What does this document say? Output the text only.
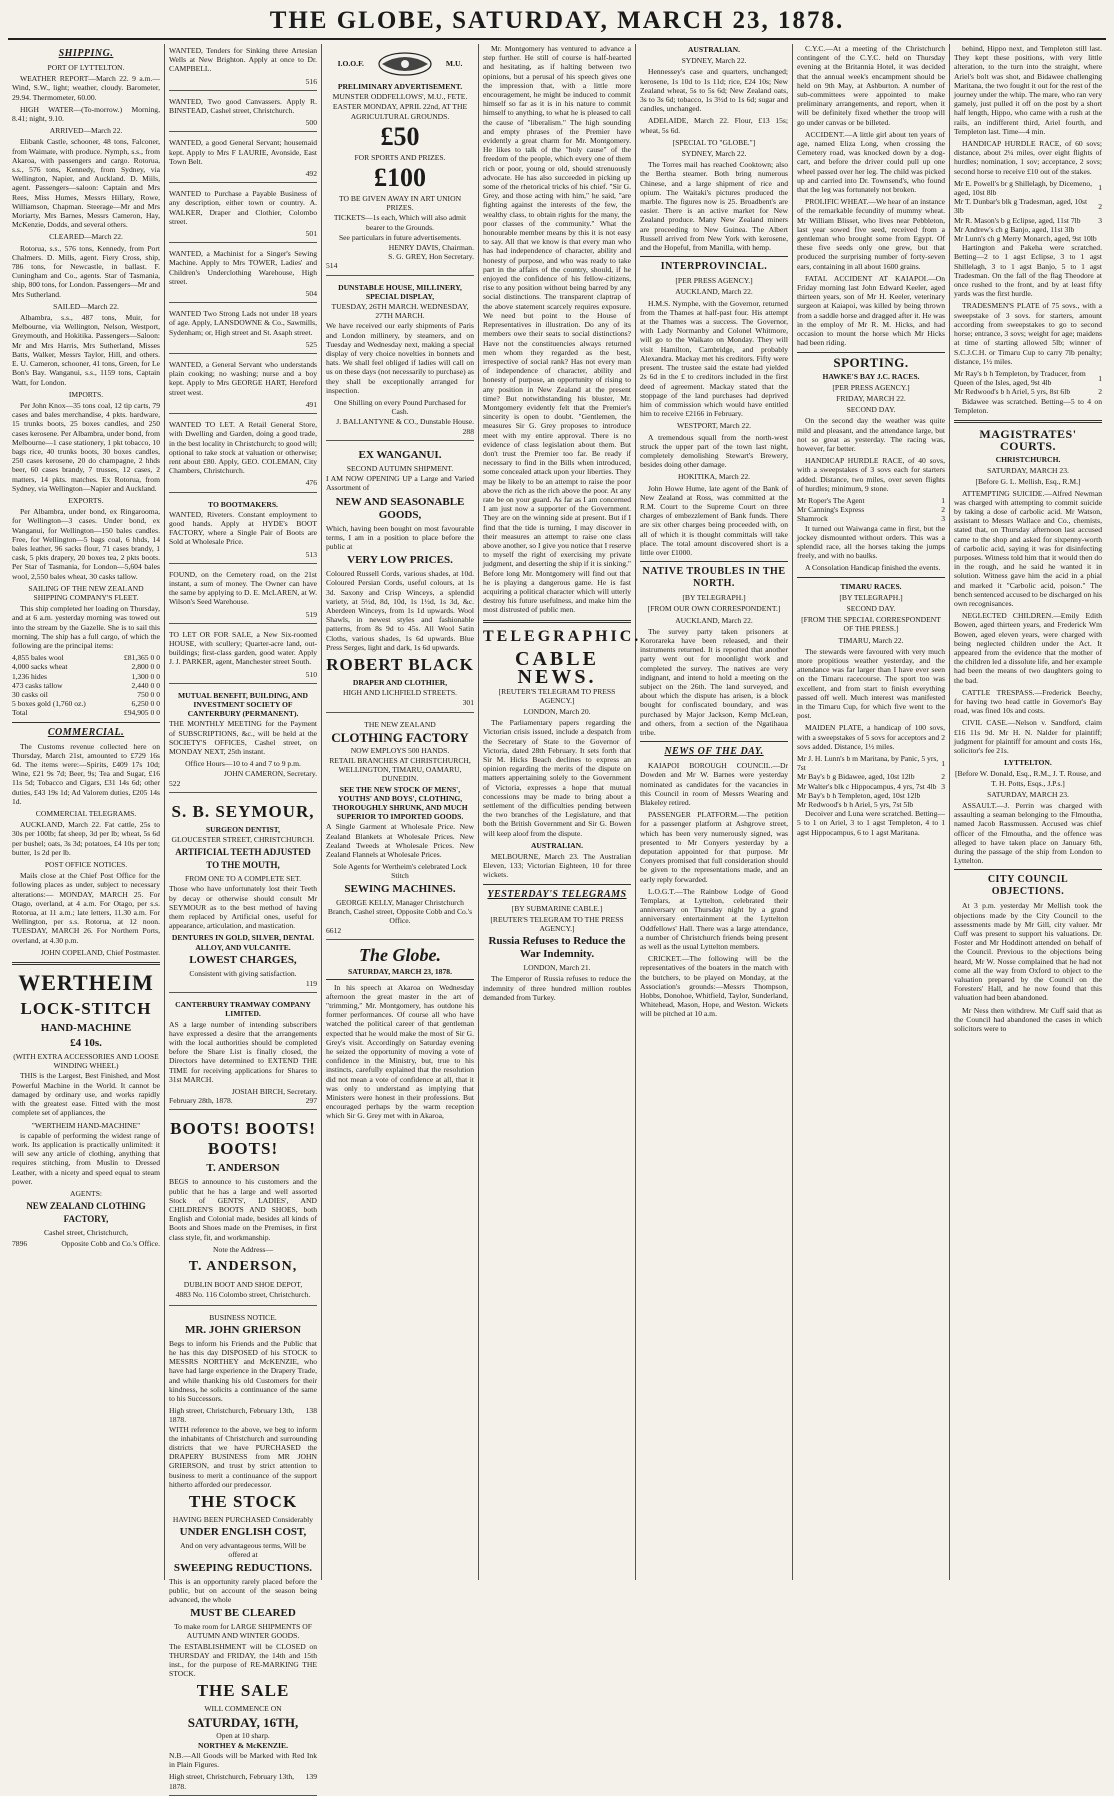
THE GLOBE, SATURDAY, MARCH 23, 1878.
SHIPPING.
PORT OF LYTTELTON.

WEATHER REPORT—March 22. 9 a.m.—Wind, S.W., light; weather, cloudy. Barometer, 29.94. Thermometer, 60.00.

HIGH WATER—(To-morrow.) Morning, 8.41; night, 9.10.

ARRIVED—March 22.

Elibank Castle, schooner, 48 tons, Falconer, from Waimate, with produce. Nymph, s.s., from Akaroa, with passengers and cargo. Rotorua, s.s., 576 tons, Kennedy, from Sydney, via Wellington, Napier, and Auckland. D. Miils, agent. Passengers—saloon: Captain and Mrs Rees, Miss Humes, Messrs Hillary, Rowe, Williamson, Chapman. Steerage—Mr and Mrs Moriarty, Mrs Barnes, Messrs Cameron, Hay, McKenzie, Dodds, and several others.

CLEARED—March 22.

Rotorua, s.s., 576 tons, Kennedy, from Port Chalmers. D. Mills, agent. Fiery Cross, ship, 786 tons, for Newcastle, in ballast. F. Cuningham and Co., agents. Star of Tasmania, ship, 800 tons, for London. Passengers—Mr and Mrs Sutherland.

SAILED—March 22.

Albambra, s.s., 487 tons, Muir, for Melbourne, via Wellington, Nelson, Westport, Greymouth, and Hokitika. Passengers—Saloon: Mr and Mrs Harris, Mrs Sutherland, Misses Batts, Walker, Messrs Taylor, Hill, and others. E. U. Cameron, schooner, 41 tons, Green, for Le Bon's Bay. Wanganui, s.s., 1159 tons, Captain Watt, for London.

IMPORTS.

Per John Knox—35 tons coal, 12 tip carts, 79 cases and bales merchandise, 4 pkts. hardware, 15 trunks boots, 25 boxes candles, and 250 cases kerosene. Per Albambra, under bond, from Melbourne—1 case stationery, 1 pkt tobacco, 10 bags rice, 40 trunks boots, 30 boxes candles, 250 cases kerosene, 20 do champagne, 2 hhds beer, 60 cases brandy, 7 trusses, 12 cases, 2 matters, 14 pkts. matches. Ex Rotorua, from Sydney, via Wellington—Napier and Auckland.

EXPORTS.

Per Albambra, under bond, ex Ringarooma, for Wellington—3 cases. Under bond, ex Wanganui, for Wellington—150 bales candles. Free, for Wellington—5 bags coal, 6 hhds, 14 bales leather, 96 sacks flour, 71 cases brandy, 1 cask, 5 pkts drapery, 20 boxes tea, 2 pkts boots. Per Star of Tasmania, for London—5,604 bales wool, 2,550 bales wheat, 30 casks tallow.

SAILING OF THE NEW ZEALAND SHIPPING COMPANY'S FLEET.

This ship completed her loading on Thursday, and at 6 a.m. yesterday morning was towed out into the stream by the Gazelle. She is to sail this morning. The ship has a full cargo, of which the following are the principal items:

4,855 bales wool	£81,365 0 0
4,000 sacks wheat	2,800 0 0
1,236 hides	1,300 0 0
473 casks tallow	2,440 0 0
30 casks oil	750 0 0
5 boxes gold (1,760 oz.)	6,250 0 0
Total	£94,905 0 0
COMMERCIAL.

The Customs revenue collected here on Thursday, March 21st, amounted to £729 16s 6d. The items were:—Spirits, £409 17s 10d; Wine, £21 9s 7d; Beer, 9s; Tea and Sugar, £16 11s 5d; Tobacco and Cigars, £31 14s 6d; other duties, £43 19s 1d; Ad Valorem duties, £205 14s 1d.

COMMERCIAL TELEGRAMS.

AUCKLAND, March 22. Fat cattle, 25s to 30s per 100lb; fat sheep, 3d per lb; wheat, 5s 6d per bushel; oats, 3s 3d; potatoes, £4 10s per ton; butter, 1s 2d per lb.

POST OFFICE NOTICES.

Mails close at the Chief Post Office for the following places as under, subject to necessary alterations:— MONDAY, MARCH 25. For Otago, overland, at 4 a.m. For Otago, per s.s. Rotorua, at 11 a.m.; late letters, 11.30 a.m. For Wellington, per s.s. Rotorua, at 12 noon. TUESDAY, MARCH 26. For Northern Ports, overland, at 4.30 p.m.

JOHN COPELAND, Chief Postmaster.

WERTHEIM
LOCK-STITCH
HAND-MACHINE
£4 10s.
(WITH EXTRA ACCESSORIES AND LOOSE WINDING WHEEL)

THIS is the Largest, Best Finished, and Most Powerful Machine in the World. It cannot be damaged by ordinary use, and works rapidly with the greatest ease. Fitted with the most complete set of appliances, the

"WERTHEIM HAND-MACHINE"

is capable of performing the widest range of work. Its application is practically unlimited: it will sew any article of clothing, anything that requires stitching, from Muslin to Dressed Leather, with a nicety and speed equal to steam power.

AGENTS:
NEW ZEALAND CLOTHING FACTORY,
Cashel street, Christchurch,
7896	Opposite Cobb and Co.'s Office.

WANTED, Tenders for Sinking three Artesian Wells at New Brighton. Apply at once to Dr. CAMPBELL.

516

WANTED, Two good Canvassers. Apply R. BINSTEAD, Cashel street, Christchurch.

500

WANTED, a good General Servant; housemaid kept. Apply to Mrs F LAURIE, Avonside, East Town Belt.

492

WANTED to Purchase a Payable Business of any description, either town or country. A. WALKER, Draper and Clothier, Colombo street.

501

WANTED, a Machinist for a Singer's Sewing Machine. Apply to Mrs TOWER, Ladies' and Children's Underclothing Warehouse, High street.

504

WANTED Two Strong Lads not under 18 years of age. Apply, LANSDOWNE & Co., Sawmills, Sydenham; or, High street and St. Asaph street.

525

WANTED, a General Servant who understands plain cooking; no washing; nurse and a boy kept. Apply to Mrs GEORGE HART, Hereford street west.

491

WANTED TO LET. A Retail General Store, with Dwelling and Garden, doing a good trade, in the best locality in Christchurch; to good will; optional to take stock at valuation or otherwise; rent about £80. Apply, GEO. COLEMAN, City Chambers, Christchurch.

476
TO BOOTMAKERS.

WANTED, Riveters. Constant employment to good hands. Apply at HYDE's BOOT FACTORY, where a Single Pair of Boots are Sold at Wholesale Price.

513

FOUND, on the Cemetery road, on the 21st instant, a sum of money. The Owner can have the same by applying to D. E. McLAREN, at W. Wilson's Seed Warehouse.

519

TO LET OR FOR SALE, a New Six-roomed HOUSE, with scullery; Quarter-acre land, out-buildings; first-class garden, good water. Apply J. J. PARKER, agent, Manchester street South.

510
MUTUAL BENEFIT, BUILDING, AND INVESTMENT SOCIETY OF CANTERBURY (PERMANENT).

THE MONTHLY MEETING for the Payment of SUBSCRIPTIONS, &c., will be held at the SOCIETY'S OFFICES, Cashel street, on MONDAY NEXT, 25th instant.

Office Hours—10 to 4 and 7 to 9 p.m.
JOHN CAMERON, Secretary.
522
S. B. SEYMOUR,
SURGEON DENTIST,
GLOUCESTER STREET, CHRISTCHURCH.
ARTIFICIAL TEETH ADJUSTED TO THE MOUTH,
FROM ONE TO A COMPLETE SET.

Those who have unfortunately lost their Teeth by decay or otherwise should consult Mr SEYMOUR as to the best method of having them replaced by Artificial ones, useful for appearance, articulation, and mastication.

DENTURES IN GOLD, SILVER, DENTAL ALLOY, AND VULCANITE.
LOWEST CHARGES,
Consistent with giving satisfaction.
119
CANTERBURY TRAMWAY COMPANY LIMITED.

AS a large number of intending subscribers have expressed a desire that the arrangements with the local authorities should be completed before the Share List is finally closed, the Directors have determined to EXTEND THE TIME for receiving applications for Shares to 31st MARCH.

JOSIAH BIRCH, Secretary.
February 28th, 1878.	297
BOOTS! BOOTS! BOOTS!
T. ANDERSON

BEGS to announce to his customers and the public that he has a large and well assorted Stock of GENTS', LADIES', AND CHILDREN'S BOOTS AND SHOES, both English and Colonial made, besides all kinds of Boots and Shoes made on the Premises, in first class style, fit, and workmanship.

Note the Address—
T. ANDERSON,
DUBLIN BOOT AND SHOE DEPOT,
4883 No. 116 Colombo street, Christchurch.
BUSINESS NOTICE.
MR. JOHN GRIERSON

Begs to inform his Friends and the Public that he has this day DISPOSED of his STOCK to MESSRS NORTHEY and McKENZIE, who have had large experience in the Drapery Trade, and while thanking his old Customers for their kindness, he solicits a continuance of the same to his Successors.

High street, Christchurch, February 13th, 1878.
138

WITH reference to the above, we beg to inform the inhabitants of Christchurch and surrounding districts that we have PURCHASED the DRAPERY BUSINESS from MR JOHN GRIERSON, and trust by strict attention to business to merit a continuance of the support hitherto afforded our predecessor.

THE STOCK
HAVING BEEN PURCHASED Considerably
UNDER ENGLISH COST,
And on very advantageous terms, Will be offered at
SWEEPING REDUCTIONS.

This is an opportunity rarely placed before the public, but on account of the season being advanced, the whole

MUST BE CLEARED
To make room for LARGE SHIPMENTS OF AUTUMN AND WINTER GOODS.

The ESTABLISHMENT will be CLOSED on THURSDAY and FRIDAY, the 14th and 15th inst., for the purpose of RE-MARKING THE STOCK.

THE SALE
WILL COMMENCE ON
SATURDAY, 16TH,
Open at 10 sharp.
NORTHEY & McKENZIE.

N.B.—All Goods will be Marked with Red Ink in Plain Figures.

High street, Christchurch, February 13th, 1878.
139
I.O.O.F.	M.U.
PRELIMINARY ADVERTISEMENT.
MUNSTER ODDFELLOWS', M.U., FETE.
EASTER MONDAY, APRIL 22nd, AT THE AGRICULTURAL GROUNDS.
£50
FOR SPORTS AND PRIZES.
£100
TO BE GIVEN AWAY IN ART UNION PRIZES.
TICKETS—1s each, Which will also admit bearer to the Grounds.
See particulars in future advertisements.
HENRY DAVIS, Chairman.
S. G. GREY, Hon Secretary.
514
DUNSTABLE HOUSE, MILLINERY, SPECIAL DISPLAY,
TUESDAY, 26TH MARCH. WEDNESDAY, 27TH MARCH.

We have received our early shipments of Paris and London millinery, by steamers, and on Tuesday and Wednesday next, making a special display of very choice novelties in bonnets and hats. We shall feel obliged if ladies will call on us on these days (not necessarily to purchase) as they shall be exceptionally arranged for inspection.

One Shilling on every Pound Purchased for Cash.
J. BALLANTYNE & CO., Dunstable House.
288
EX WANGANUI.
SECOND AUTUMN SHIPMENT.

I AM NOW OPENING UP a Large and Varied Assortment of

NEW AND SEASONABLE GOODS,

Which, having been bought on most favourable terms, I am in a position to place before the public at

VERY LOW PRICES.

Coloured Russell Cords, various shades, at 10d. Coloured Persian Cords, useful colours, at 1s 3d. Saxony and Crisp Winceys, a splendid variety, at 5½d, 8d, 10d, 1s 1½d, 1s 3d, &c. Aberdeen Winceys, from 1s 1d upwards. Wool Shawls, in newest styles and fashionable patterns, from 8s 9d to 45s. All Wool Satin Cloths, various shades, 1s 6d upwards. Blue Press Serges, light and dark, 1s 6d upwards.

ROBERT BLACK
DRAPER AND CLOTHIER,
HIGH AND LICHFIELD STREETS.
301
THE NEW ZEALAND
CLOTHING FACTORY
NOW EMPLOYS 500 HANDS.
RETAIL BRANCHES AT CHRISTCHURCH, WELLINGTON, TIMARU, OAMARU, DUNEDIN.
SEE THE NEW STOCK OF MENS', YOUTHS' AND BOYS', CLOTHING, THOROUGHLY SHRUNK, AND MUCH SUPERIOR TO IMPORTED GOODS.

A Single Garment at Wholesale Price. New Zealand Blankets at Wholesale Prices. New Zealand Tweeds at Wholesale Prices. New Zealand Flannels at Wholesale Prices.

Sole Agents for Wertheim's celebrated Lock Stitch
SEWING MACHINES.
GEORGE KELLY, Manager Christchurch Branch, Cashel street, Opposite Cobb and Co.'s Office.
6612
The Globe.
SATURDAY, MARCH 23, 1878.

In his speech at Akaroa on Wednesday afternoon the great master in the art of "trimming," Mr. Montgomery, has outdone his former performances. Of course all who have watched the political career of that gentleman expected that he would make the most of Sir G. Grey's visit. Accordingly on Saturday evening he seized the opportunity of moving a vote of confidence in the Ministry, but, true to his instincts, carefully explained that the resolution did not mean a vote of confidence at all, that it was only to understand as implying that Ministers were honest in their professions. But encouraged perhaps by the warm reception which Sir G. Grey met with in Akaroa,

Mr. Montgomery has ventured to advance a step further. He still of course is half-hearted and hesitating, as if halting between two opinions, but a perusal of his speech gives one the impression that, with a little more encouragement, he might be induced to commit himself so far as it is in his nature to commit himself to anything, to what he is pleased to call the cause of "liberalism." The high sounding and empty phrases of the Premier have evidently a great charm for Mr. Montgomery. He likes to talk of the "holy cause" of the freedom of the people, which every one of them rich or poor, young or old, should strenuously advocate. He has also succeeded in picking up some of the rhetorical tricks of his chief. "Sir G. Grey, and those acting with him," he said, "are fighting against the interests of the few, the wealthy class, to obtain rights for the many, the poor classes of the community." What the honourable member means by this it is not easy to say. All that we know is that every man who has had independence of character, ability and honesty of purpose, and who was ready to take part in the affairs of the country, should, if he enjoyed the confidence of his fellow-citizens, rise to any position without being barred by any social distinctions. The transparent claptrap of the above statement scarcely requires exposure. We need but point to the House of Representatives in illustration. Do any of its members owe their seats to social distinctions? Have not the constituencies always returned men whom they regarded as the best, irrespective of social rank? Has not every man of independence of character, ability and honesty of purpose, an opportunity of rising to any position in New Zealand at the present time? But notwithstanding his bluster, Mr. Montgomery evidently felt that the Premier's sincerity is open to doubt. "Gentlemen, the measures Sir G. Grey proposes to introduce meet with my entire approval. There is no evidence of class legislation about them. But don't trust the Premier too far. Be ready if necessary to find in the Bills when introduced, some concealed attack upon your liberties. They may be likely to be an attempt to raise the poor above the rich as the rich above the poor. At any rate be on your guard. As far as I am concerned I am just now a supporter of the Government. They are on the winning side at present. But if I find that the tide is turning, I may discover in their measures an attempt to raise one class above another, so I give you notice that I reserve to myself the right of exercising my private judgment, and deserting the ship if it is sinking." Before long Mr. Montgomery will find out that he is playing a dangerous game. He is fast acquiring a political character which will utterly destroy his future usefulness, and make him the most distrusted of public men.

TELEGRAPHIC.
CABLE NEWS.
[REUTER'S TELEGRAM TO PRESS AGENCY.]
LONDON, March 20.

The Parliamentary papers regarding the Victorian crisis issued, include a despatch from the Secretary of State to the Governor of Victoria, dated 28th February. It sets forth that Sir M. Hicks Beach declines to express an opinion regarding the merits of the dispute on matters appertaining solely to the Government of Victoria, expresses a hope that mutual concessions may be made to bring about a settlement of the difficulties pending between the two branches of the Legislature, and that both the British Government and Sir G. Bowen will keep aloof from the dispute.

AUSTRALIAN.

MELBOURNE, March 23. The Australian Eleven, 133; Victorian Eighteen, 10 for three wickets.

YESTERDAY'S TELEGRAMS
[BY SUBMARINE CABLE.]
[REUTER'S TELEGRAM TO THE PRESS AGENCY.]
Russia Refuses to Reduce the War Indemnity.
LONDON, March 21.

The Emperor of Russia refuses to reduce the indemnity of three hundred million roubles demanded from Turkey.

AUSTRALIAN.
SYDNEY, March 22.

Hennessey's case and quarters, unchanged; kerosene, 1s 10d to 1s 11d; rice, £24 10s; New Zealand wheat, 5s to 5s 6d; New Zealand oats, 3s to 3s 6d; tobacco, 1s 3½d to 1s 6d; sugar and candles, unchanged.

ADELAIDE, March 22. Flour, £13 15s; wheat, 5s 6d.

[SPECIAL TO "GLOBE."]
SYDNEY, March 22.

The Torres mail has reached Cooktown; also the Bertha steamer. Both bring numerous Chinese, and a large shipment of rice and opium. The Waitaki's pictures produced the marble. The figures now is 25. Broadbent's are easier. There is an active market for New Zealand produce. Many New Zealand miners are proceeding to New Guinea. The Albert Russell arrived from New York with kerosene, and the Hopeful, from Manilla, with hemp.

INTERPROVINCIAL.
[PER PRESS AGENCY.]
AUCKLAND, March 22.

H.M.S. Nymphe, with the Governor, returned from the Thames at half-past four. His attempt at the Thames was a success. The Governor, with Lady Normanby and Colonel Whitmore, will go to the Waikato on Monday. They will visit Hamilton, Cambridge, and probably Alexandra. Mackay met his creditors. Fifty were present. The trustee said the estate had yielded 2s 6d in the £ to creditors included in the first deed of agreement. Mackay stated that the stoppage of the land purchases had deprived him of commission which would have entitled him to receive £2166 in February.

WESTPORT, March 22.

A tremendous squall from the north-west struck the upper part of the town last night, completely demolishing Stewart's Brewery, besides doing other damage.

HOKITIKA, March 22.

John Howe Hume, late agent of the Bank of New Zealand at Ross, was committed at the R.M. Court to the Supreme Court on three charges of embezzlement of Bank funds. There are six other charges being proceeded with, on all of which it is thought committals will take place. The total amount discovered short is a little over £1000.

NATIVE TROUBLES IN THE NORTH.
[BY TELEGRAPH.]
[FROM OUR OWN CORRESPONDENT.]
AUCKLAND, March 22.

The survey party taken prisoners at Kororareka have been released, and their instruments returned. It is reported that another party went out for moonlight work and completed the survey. The natives are very indignant, and intend to hold a meeting on the subject on the 26th. The land surveyed, and about which the dispute has arisen, is a block bought for confiscated boundary, and was purchased by Major Jackson, Kemp McLean, and others, from a section of the Ngatihaua tribe.

NEWS OF THE DAY.

KAIAPOI BOROUGH COUNCIL.—Dr Dowden and Mr W. Barnes were yesterday nominated as candidates for the vacancies in this Council in room of Messrs Wearing and Blakeley retired.

PASSENGER PLATFORM.—The petition for a passenger platform at Ashgrove street, which has been very numerously signed, was presented to Mr Conyers yesterday by a deputation appointed for that purpose. Mr Conyers promised that full consideration should be given to the representations made, and an early reply forwarded.

L.O.G.T.—The Rainbow Lodge of Good Templars, at Lyttelton, celebrated their anniversary on Thursday night by a grand anniversary entertainment at the Lyttelton Oddfellows' Hall. There was a large attendance, a number of Christchurch friends being present as well as the usual Lyttelton members.

CRICKET.—The following will be the representatives of the boaters in the match with the butchers, to be played on Monday, at the Association's grounds:—Messrs Thompson, Hobbs, Donohoe, Whitfield, Taylor, Sunderland, Whitehead, Mason, Hope, and Weston. Wickets will be pitched at 10 a.m.

C.Y.C.—At a meeting of the Christchurch contingent of the C.Y.C. held on Thursday evening at the Britannia Hotel, it was decided that the annual week's encampment should be held on 9th May, at Ashburton. A number of sub-committees were appointed to make preliminary arrangements, and report, when it will be definitely fixed whether the troop will go under canvas or be billeted.

ACCIDENT.—A little girl about ten years of age, named Eliza Long, when crossing the Cemetery road, was knocked down by a dog-cart, and before the driver could pull up one wheel passed over her leg. The child was picked up and carried into Dr. Townsend's, who found that the leg was fortunately not broken.

PROLIFIC WHEAT.—We hear of an instance of the remarkable fecundity of mummy wheat. Mr William Blisset, who lives near Pebbleton, last year sowed five seed, received from a gentleman who brought some from Egypt. Of these five seeds only one grew, but that produced the surprising number of forty-seven ears, containing in all about 1600 grains.

FATAL ACCIDENT AT KAIAPOI.—On Friday morning last John Edward Keeler, aged thirteen years, son of Mr H. Keeler, veterinary surgeon at Kaiapoi, was killed by being thrown from a saddle horse and dragged after it. He was in the employ of Mr R. M. Hicks, and had occasion to mount the horse which Mr Hicks had been riding.

SPORTING.
HAWKE'S BAY J.C. RACES.
[PER PRESS AGENCY.]
FRIDAY, MARCH 22.
SECOND DAY.

On the second day the weather was quite mild and pleasant, and the attendance large, but not so great as yesterday. The racing was, however, far better.

HANDICAP HURDLE RACE, of 40 sovs, with a sweepstakes of 3 sovs each for starters added. Distance, two miles, over seven flights of hurdles; minimum, 9 stone.

Mr Roper's The Agent	1
Mr Canning's Express	2
Shamrock	3

It turned out Waiwanga came in first, but the jockey dismounted without orders. This was a splendid race, all the horses taking the jumps freely, and with no baulks.

A Consolation Handicap finished the events.

TIMARU RACES.
[BY TELEGRAPH.]
SECOND DAY.
[FROM THE SPECIAL CORRESPONDENT OF THE PRESS.]
TIMARU, March 22.

The stewards were favoured with very much more propitious weather yesterday, and the attendance was far larger than I have ever seen on the Timaru racecourse. The sport too was excellent, and from start to finish everything passed off well. Much interest was manifested in the Timaru Cup, for which five went to the post.

MAIDEN PLATE, a handicap of 100 sovs, with a sweepstakes of 5 sovs for acceptors and 2 sovs added. Distance, 1½ miles.

Mr J. H. Lunn's b m Maritana, by Panic, 5 yrs, 7st	1
Mr Bay's b g Bidawee, aged, 10st 12lb	2
Mr Walter's blk c Hippocampus, 4 yrs, 7st 4lb	3
Mr Bay's b h Templeton, aged, 10st 12lb	
Mr Redwood's b h Ariel, 5 yrs, 7st 5lb	

Decoiver and Luna were scratched. Betting—5 to 1 on Ariel, 3 to 1 agst Templeton, 4 to 1 agst Hippocampus, 6 to 1 agst Maritana.

behind, Hippo next, and Templeton still last. They kept these positions, with very little alteration, to the turn into the straight, where Ariel's bolt was shot, and Bidawee challenging Maritana, the two fought it out for the rest of the journey under the whip. The mare, who ran very gamely, just pulled it off on the post by a short half length, Hippo, who came with a rush at the rails, an indifferent third, Ariel fourth, and Templeton last. Time—4 min.

HANDICAP HURDLE RACE, of 60 sovs; distance, about 2¼ miles, over eight flights of hurdles; nomination, 1 sov; acceptance, 2 sovs; second horse to receive £10 out of the stakes.

Mr E. Powell's br g Shillelagh, by Dicemeno, aged, 10st 8lb	1
Mr T. Dunbar's blk g Tradesman, aged, 10st 3lb	2
Mr R. Mason's b g Eclipse, aged, 11st 7lb	3
Mr Andrew's ch g Banjo, aged, 11st 3lb	
Mr Lunn's ch g Merry Monarch, aged, 9st 10lb	

Hartington and Pakeha were scratched. Betting—2 to 1 agst Eclipse, 3 to 1 agst Shillelagh, 3 to 1 agst Banjo, 5 to 1 agst Tradesman. On the fall of the flag Theodore at once rushed to the front, and by at least fifty yards was the first hurdle.

TRADESMEN'S PLATE of 75 sovs., with a sweepstake of 3 sovs. for starters, amount according from sweepstakes to go to second horse; entrance, 3 sovs; weight for age; maidens at time of starting allowed 5lb; winner of S.C.J.C.H. or Timaru Cup to carry 7lb penalty; distance, 1½ miles.

Mr Ray's b h Templeton, by Traducer, from Queen of the Isles, aged, 9st 4lb	1
Mr Redwood's b h Ariel, 5 yrs, 8st 6lb	2

Bidawee was scratched. Betting—5 to 4 on Templeton.

MAGISTRATES' COURTS.
CHRISTCHURCH.
SATURDAY, MARCH 23.
[Before G. L. Mellish, Esq., R.M.]

ATTEMPTING SUICIDE.—Alfred Newman was charged with attempting to commit suicide by taking a dose of carbolic acid. Mr Watson, assistant to Messrs Wallace and Co., chemists, stated that, on Thursday afternoon last accused came to the shop and asked for sixpenny-worth of carbolic acid, saying it was for disinfecting purposes. Witness told him that it would then do in the rough, and he said he wanted it in solution. Witness gave him the acid in a phial and marked it "Carbolic acid, poison." The bench sentenced accused to be discharged on his own recognisances.

NEGLECTED CHILDREN.—Emily Edith Bowen, aged thirteen years, and Frederick Wm Bowen, aged eleven years, were charged with being neglected children under the Act. It appeared from the evidence that the mother of the children led a dissolute life, and her example had been the means of two daughters going to the bad.

CATTLE TRESPASS.—Frederick Beechy, for having two head cattle in Governor's Bay road, was fined 10s and costs.

CIVIL CASE.—Nelson v. Sandford, claim £16 11s 9d. Mr H. N. Nalder for plaintiff; judgment for plaintiff for amount and costs 16s, solicitor's fee 21s.

LYTTELTON.
[Before W. Donald, Esq., R.M., J. T. Rouse, and T. H. Potts, Esqs., J.P.s.]
SATURDAY, MARCH 23.

ASSAULT.—J. Perrin was charged with assaulting a seaman belonging to the Flmoutha, named Jacob Rassmussen. Accused was chief officer of the Flmoutha, and the offence was alleged to have taken place on January 6th, during the passage of the ship from London to Lyttelton.

CITY COUNCIL OBJECTIONS.

At 3 p.m. yesterday Mr Mellish took the objections made by the City Council to the assessments made by Mr Gill, city valuer. Mr Cuff was present to support his valuations. Dr. Foster and Mr Hoddinott attended on behalf of the Council. Previous to the objections being heard, Mr W. Nosse complained that he had not come all the way from Oxford to object to the valuation prepared by the Council on the Foresters' Hall, and he now found that this valuation had been abandoned.

Mr Ness then withdrew. Mr Cuff said that as the Council had abandoned the cases in which solicitors were to
